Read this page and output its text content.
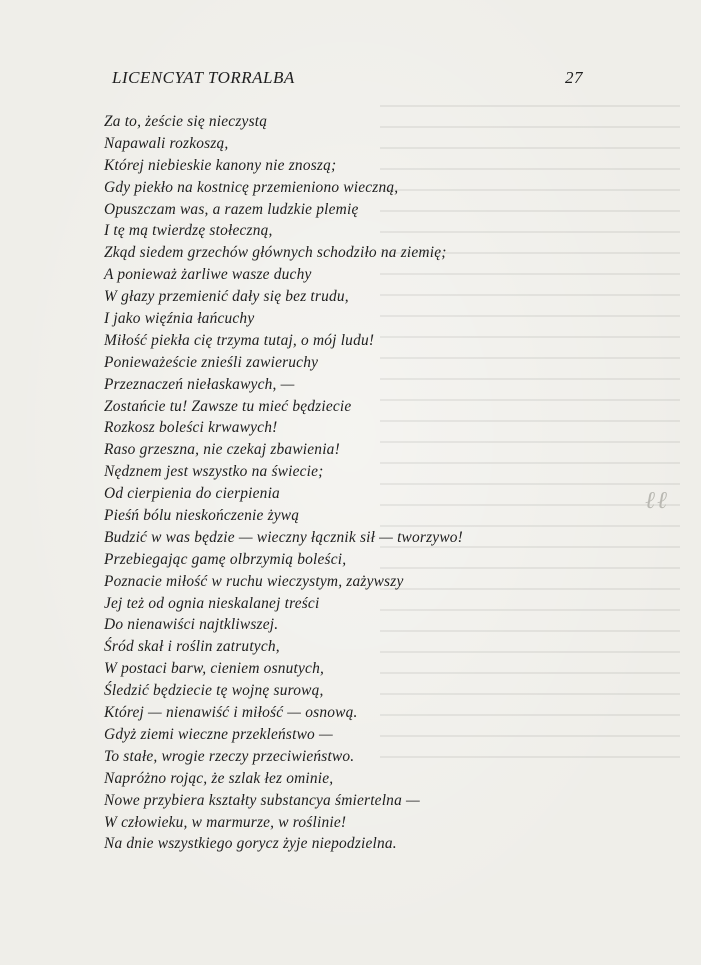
LICENCYAT TORRALBA	27
Za to, żeście się nieczystą
Napawali rozkoszą,
Której niebieskie kanony nie znoszą;
Gdy piekło na kostnicę przemieniono wieczną,
Opuszczam was, a razem ludzkie plemię
I tę mą twierdzę stołeczną,
Zkąd siedem grzechów głównych schodziło na ziemię;
A ponieważ żarliwe wasze duchy
W głazy przemienić dały się bez trudu,
I jako więźnia łańcuchy
Miłość piekła cię trzyma tutaj, o mój ludu!
Ponieważeście znieśli zawieruchy
Przeznaczeń niełaskawych, —
Zostańcie tu! Zawsze tu mieć będziecie
Rozkosz boleści krwawych!
Raso grzeszna, nie czekaj zbawienia!
Nędznem jest wszystko na świecie;
Od cierpienia do cierpienia
Pieśń bólu nieskończenie żywą
Budzić w was będzie — wieczny łącznik sił — tworzywo!
Przebiegając gamę olbrzymią boleści,
Poznacie miłość w ruchu wieczystym, zażywszy
Jej też od ognia nieskalanej treści
Do nienawiści najtkliwszej.
Śród skał i roślin zatrutych,
W postaci barw, cieniem osnutych,
Śledzić będziecie tę wojnę surową,
Której — nienawiść i miłość — osnową.
Gdyż ziemi wieczne przekleństwo —
To stałe, wrogie rzeczy przeciwieństwo.
Napróżno rojąc, że szlak łez ominie,
Nowe przybiera kształty substancya śmiertelna —
W człowieku, w marmurze, w roślinie!
Na dnie wszystkiego gorycz żyje niepodzielna.
ℓℓ
